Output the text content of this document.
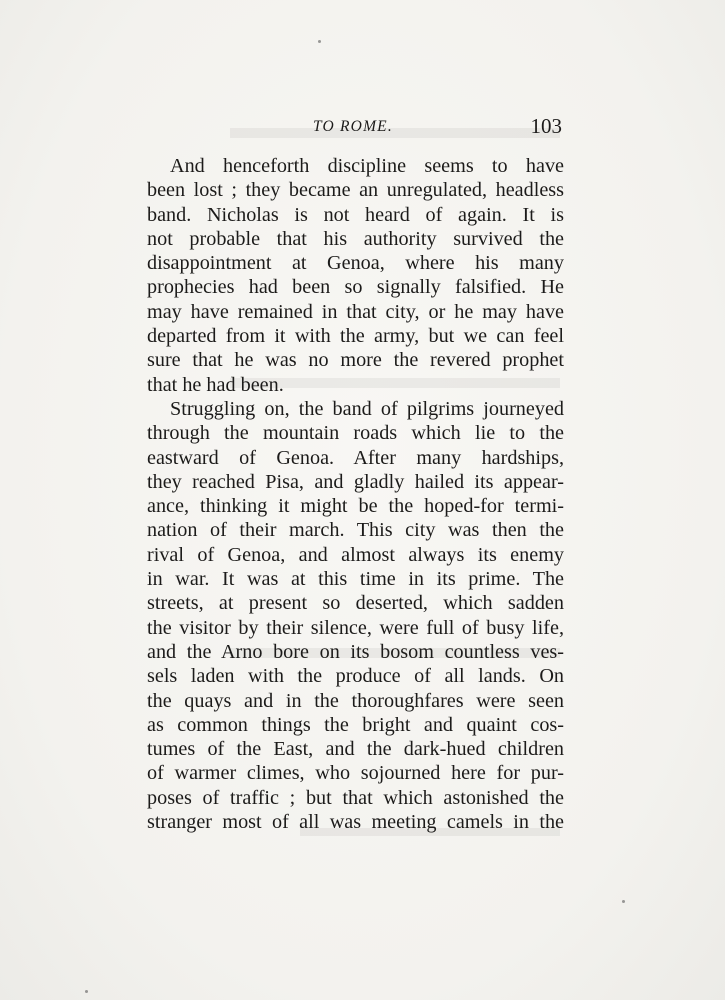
TO ROME.	103

And henceforth discipline seems to have
been lost ; they became an unregulated, headless
band. Nicholas is not heard of again. It is
not probable that his authority survived the
disappointment at Genoa, where his many
prophecies had been so signally falsified. He
may have remained in that city, or he may have
departed from it with the army, but we can feel
sure that he was no more the revered prophet
that he had been.

Struggling on, the band of pilgrims journeyed
through the mountain roads which lie to the
eastward of Genoa. After many hardships,
they reached Pisa, and gladly hailed its appear-
ance, thinking it might be the hoped-for termi-
nation of their march. This city was then the
rival of Genoa, and almost always its enemy
in war. It was at this time in its prime. The
streets, at present so deserted, which sadden
the visitor by their silence, were full of busy life,
and the Arno bore on its bosom countless ves-
sels laden with the produce of all lands. On
the quays and in the thoroughfares were seen
as common things the bright and quaint cos-
tumes of the East, and the dark-hued children
of warmer climes, who sojourned here for pur-
poses of traffic ; but that which astonished the
stranger most of all was meeting camels in the
